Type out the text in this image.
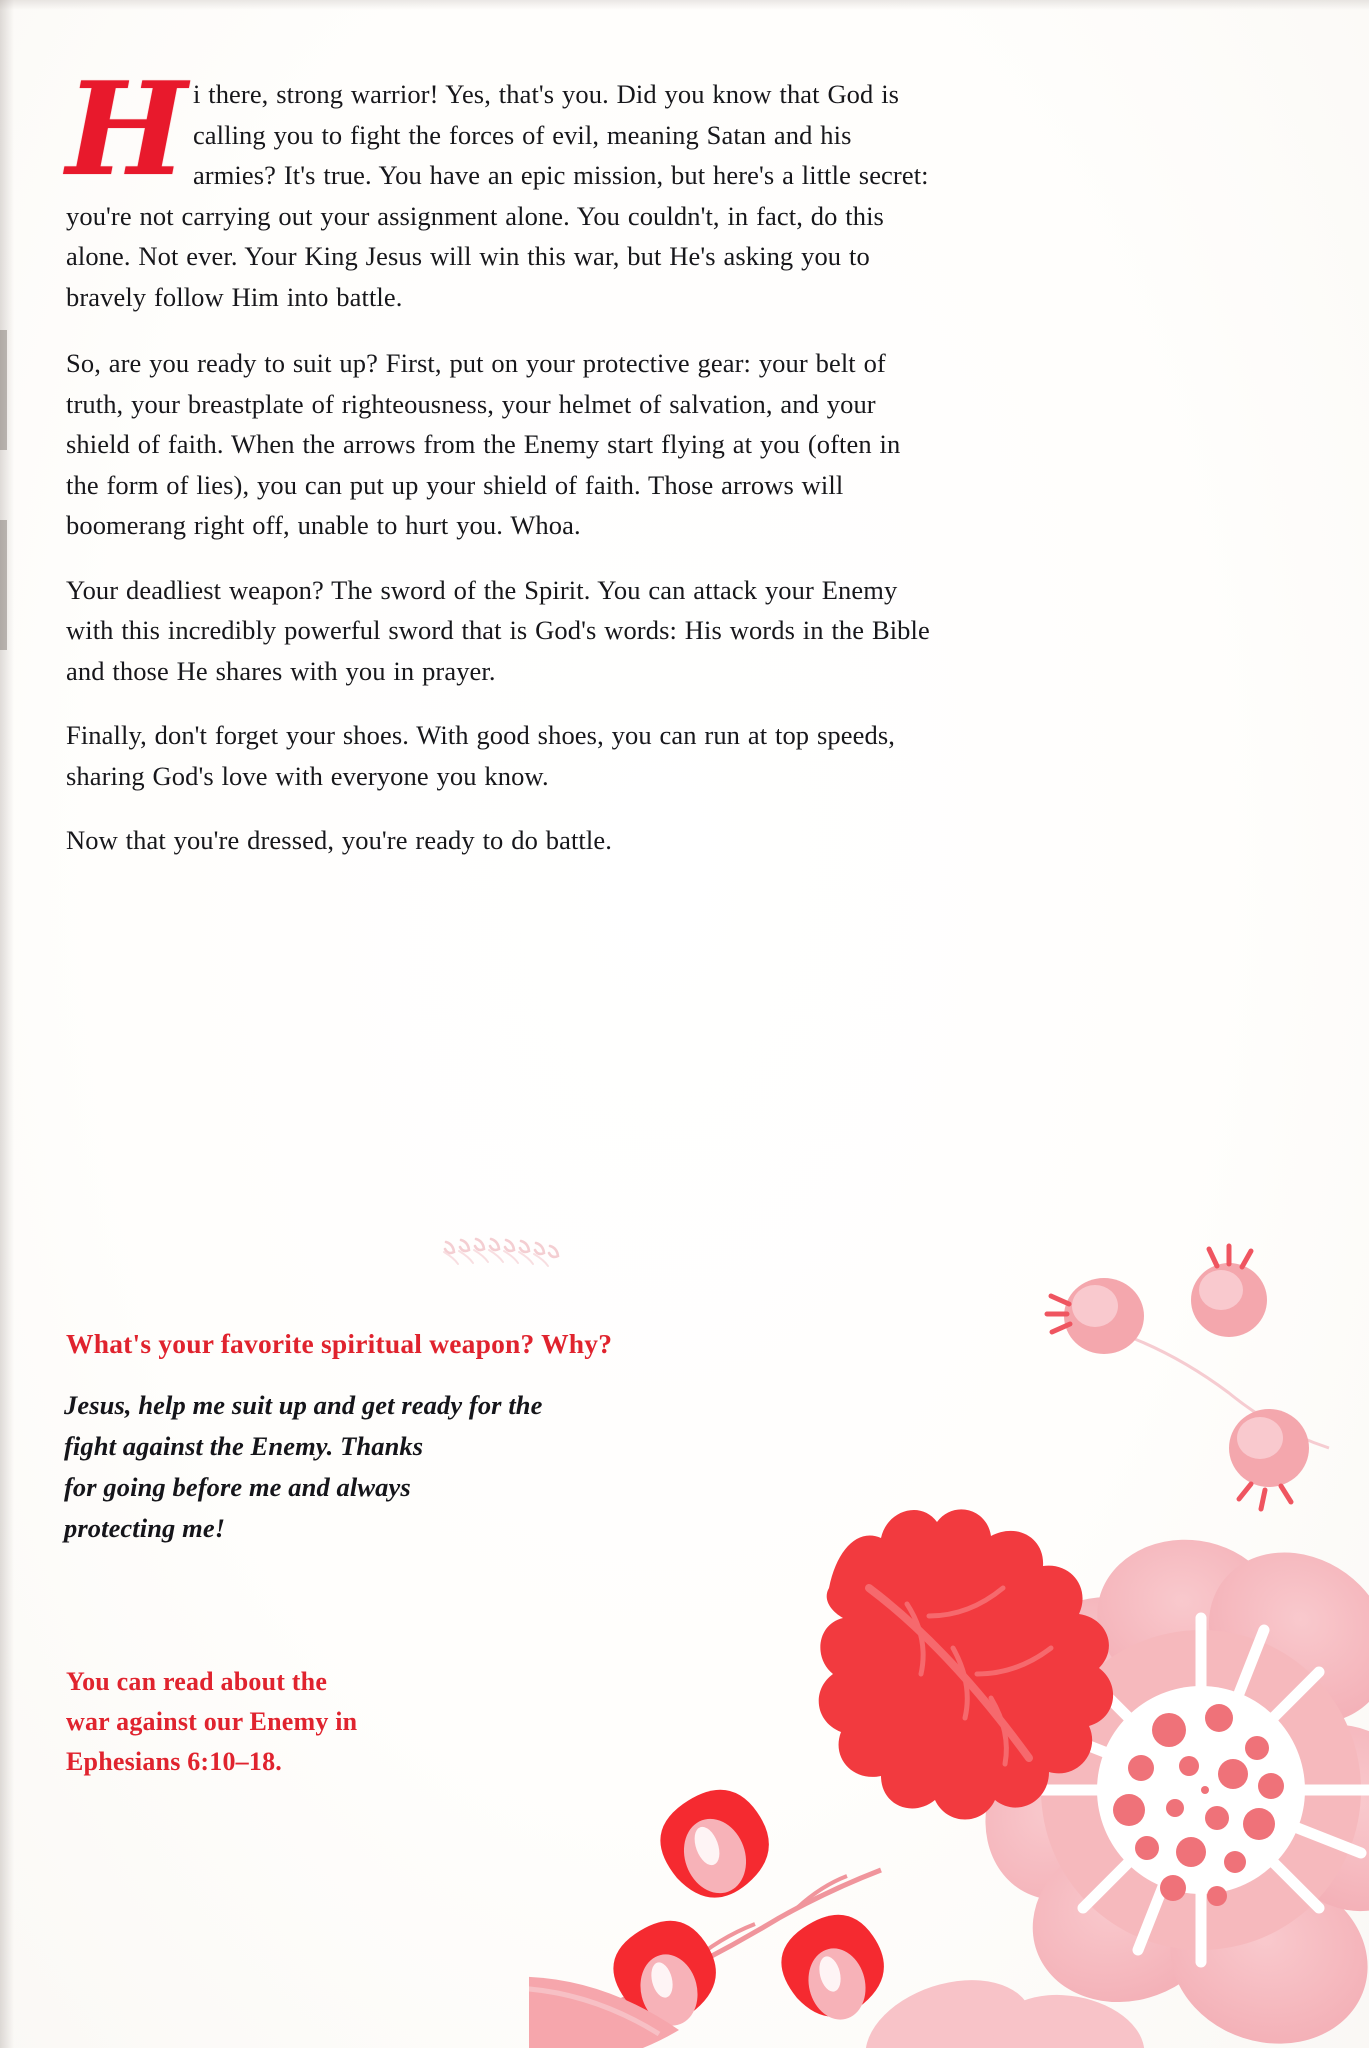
Hi there, strong warrior! Yes, that's you. Did you know that God is calling you to fight the forces of evil, meaning Satan and his armies? It's true. You have an epic mission, but here's a little secret: you're not carrying out your assignment alone. You couldn't, in fact, do this alone. Not ever. Your King Jesus will win this war, but He's asking you to bravely follow Him into battle.

So, are you ready to suit up? First, put on your protective gear: your belt of truth, your breastplate of righteousness, your helmet of salvation, and your shield of faith. When the arrows from the Enemy start flying at you (often in the form of lies), you can put up your shield of faith. Those arrows will boomerang right off, unable to hurt you. Whoa.

Your deadliest weapon? The sword of the Spirit. You can attack your Enemy with this incredibly powerful sword that is God's words: His words in the Bible and those He shares with you in prayer.

Finally, don't forget your shoes. With good shoes, you can run at top speeds, sharing God's love with everyone you know.

Now that you're dressed, you're ready to do battle.

What's your favorite spiritual weapon? Why?
Jesus, help me suit up and get ready for the
fight against the Enemy. Thanks
for going before me and always
protecting me!
You can read about the
war against our Enemy in
Ephesians 6:10–18.
